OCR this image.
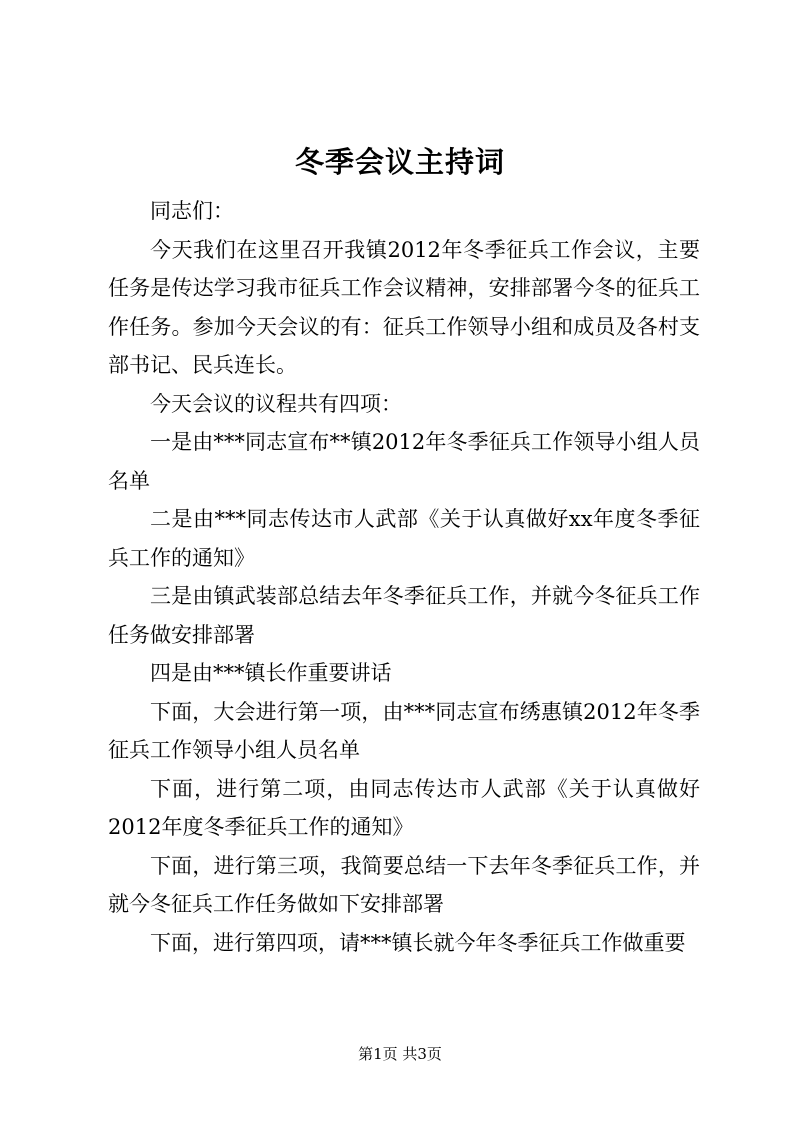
冬季会议主持词

同志们：

今天我们在这里召开我镇2012年冬季征兵工作会议，主要任务是传达学习我市征兵工作会议精神，安排部署今冬的征兵工作任务。参加今天会议的有：征兵工作领导小组和成员及各村支部书记、民兵连长。

今天会议的议程共有四项：

一是由***同志宣布**镇2012年冬季征兵工作领导小组人员名单

二是由***同志传达市人武部《关于认真做好xx年度冬季征兵工作的通知》

三是由镇武装部总结去年冬季征兵工作，并就今冬征兵工作任务做安排部署

四是由***镇长作重要讲话

下面，大会进行第一项，由***同志宣布绣惠镇2012年冬季征兵工作领导小组人员名单

下面，进行第二项，由同志传达市人武部《关于认真做好2012年度冬季征兵工作的通知》

下面，进行第三项，我简要总结一下去年冬季征兵工作，并就今冬征兵工作任务做如下安排部署

下面，进行第四项，请***镇长就今年冬季征兵工作做重要

第1页 共3页
